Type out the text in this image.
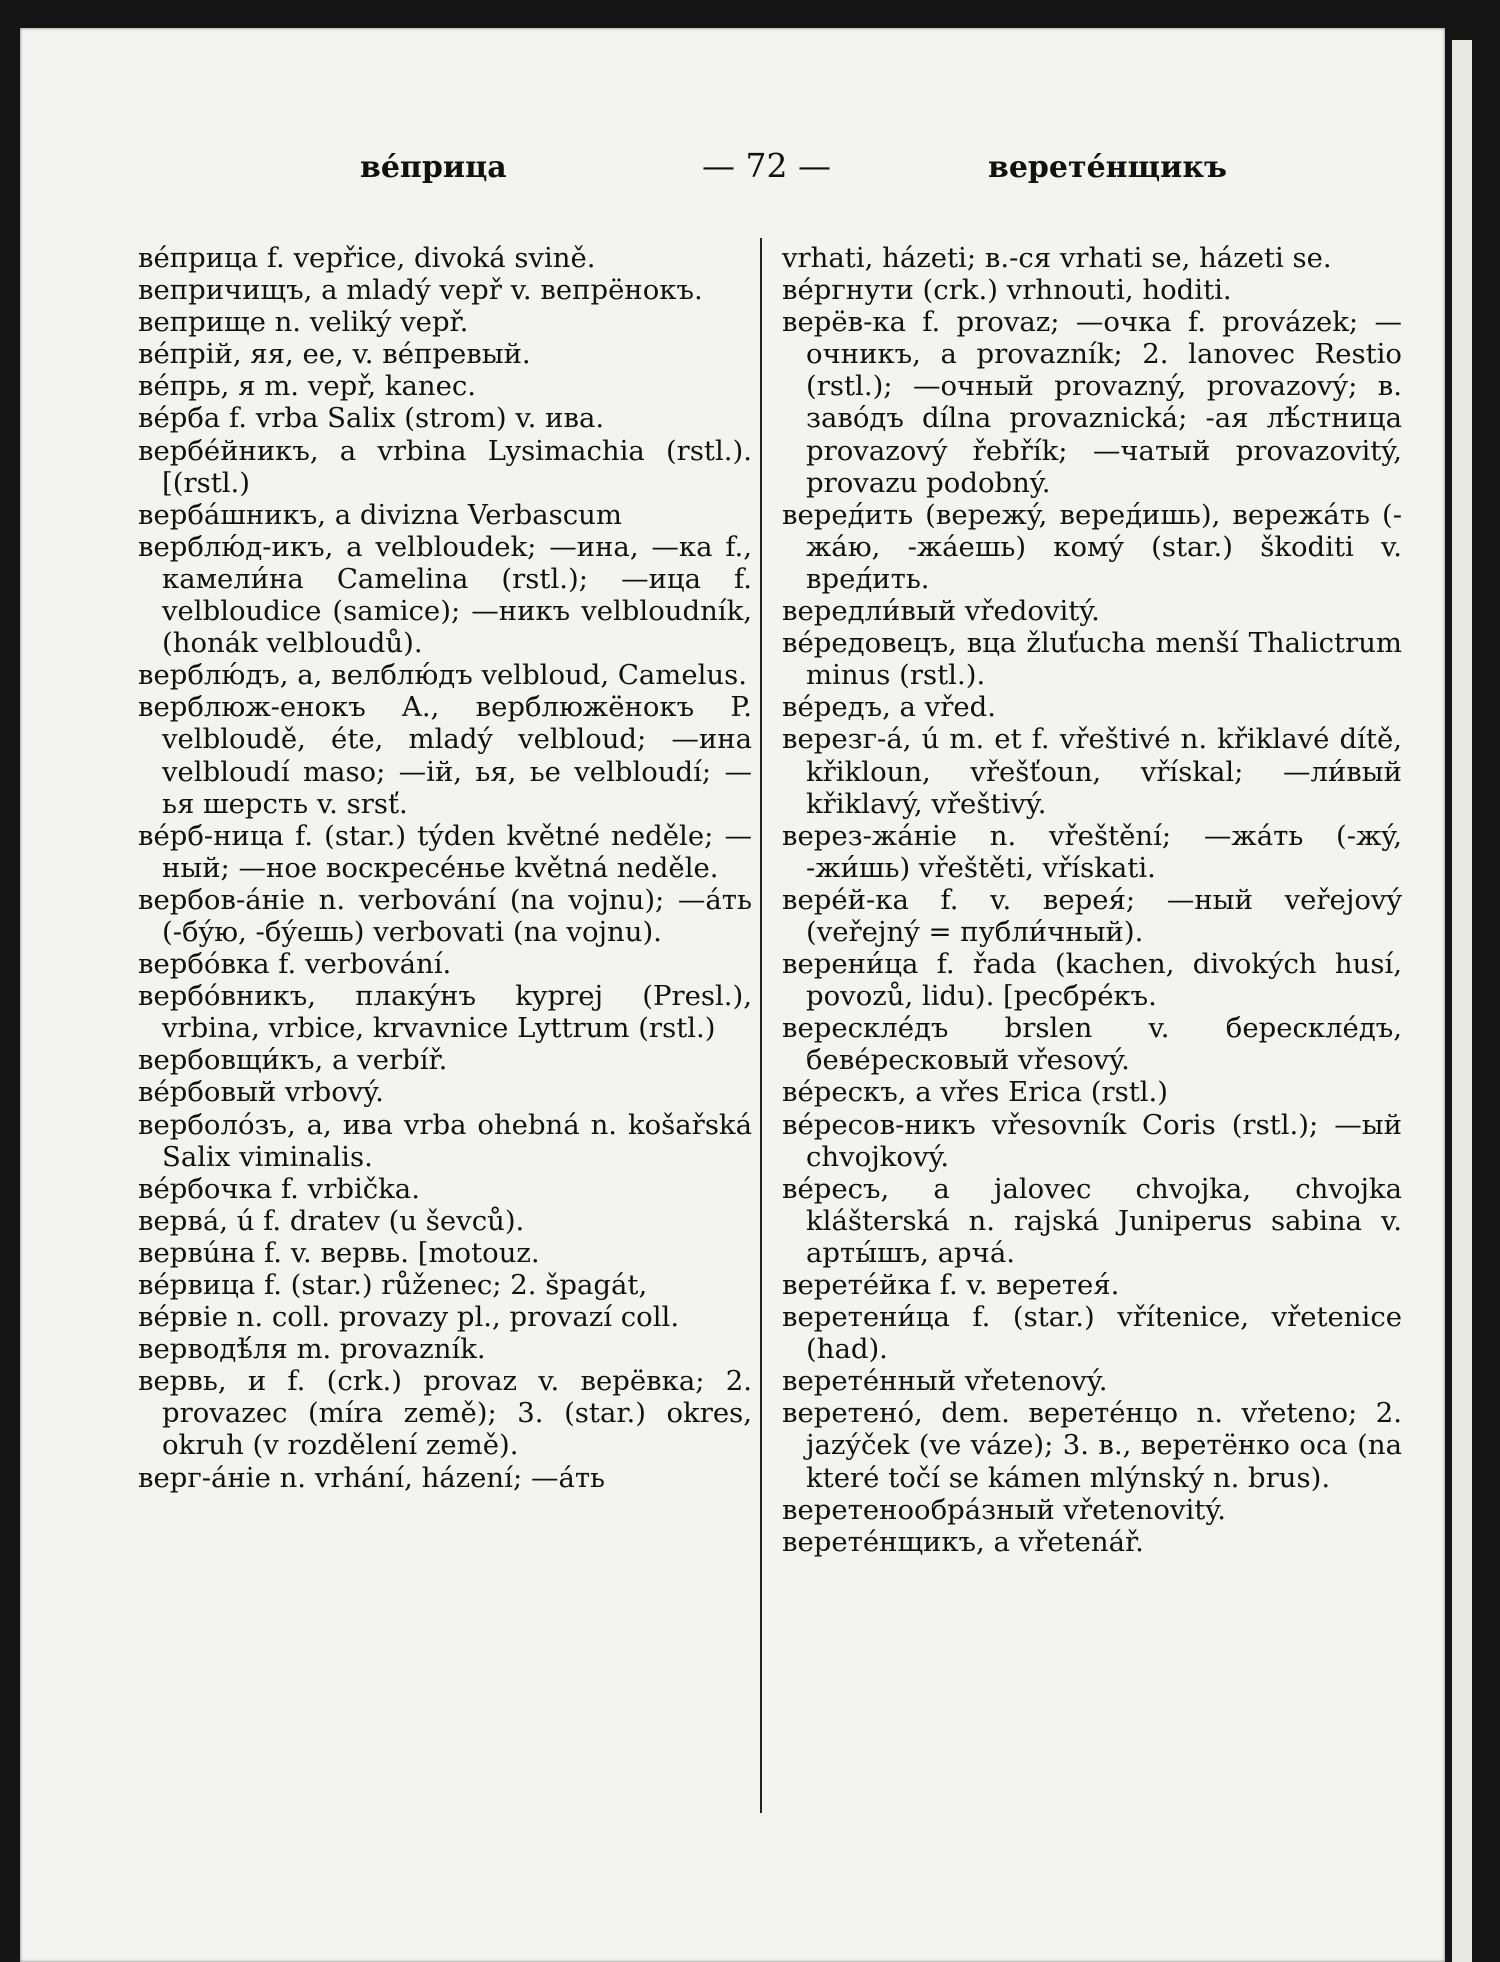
вéприца	— 72 —	веретéнщикъ

вéприца f. vepřice, divoká svině.

вепричищъ, a mladý vepř v. вепрёнокъ.

веприще n. veliký vepř.

вéпрій, яя, ее, v. вéпревый.

вéпрь, я m. vepř, kanec.

вéрба f. vrba Salix (strom) v. ива.

вербéйникъ, a vrbina Lysimachia (rstl.). [(rstl.)

вербáшникъ, a divizna Verbascum

верблю́д-икъ, a velbloudek; —ина, —ка f., камели́на Camelina (rstl.); —ица f. velbloudice (samice); —никъ velbloudník, (honák velbloudů).

верблю́дъ, a, велблю́дъ velbloud, Camelus.

верблюж-енокъ A., верблюжёнокъ P. velbloudě, éte, mladý velbloud; —ина velbloudí maso; —ій, ья, ье velbloudí; —ья шерсть v. srsť.

вéрб-ница f. (star.) týden květné neděle; —ный; —ное воскресéнье květná neděle.

вербов-áніе n. verbování (na vojnu); —áть (-бýю, -бýешь) verbovati (na vojnu).

вербóвка f. verbování.

вербóвникъ, плакýнъ kyprej (Presl.), vrbina, vrbice, krvavnice Lyttrum (rstl.)

вербовщи́къ, a verbíř.

вéрбовый vrbový.

верболóзъ, a, ива vrba ohebná n. košařská Salix viminalis.

вéрбочка f. vrbička.

вервá, ú f. dratev (u ševců).

вервúна f. v. вервь. [motouz.

вéрвица f. (star.) růženec; 2. špagát,

вéрвіе n. coll. provazy pl., provazí coll.

верводѣ́ля m. provazník.

вервь, и f. (crk.) provaz v. верёвка; 2. provazec (míra země); 3. (star.) okres, okruh (v rozdělení země).

верг-áніе n. vrhání, házení; —áть

vrhati, házeti; в.-ся vrhati se, házeti se.

вéргнути (crk.) vrhnouti, hoditi.

верёв-ка f. provaz; —очка f. provázek; —очникъ, a provazník; 2. lanovec Restio (rstl.); —очный provazný, provazový; в. заво́дъ dílna provaznická; -ая лѣ́стница provazový řebřík; —чатый provazovitý, provazu podobný.

веред́ить (вережý, веред́ишь), вережáть (-жáю, -жáешь) комý (star.) škoditi v. вред́ить.

вередли́вый vředovitý.

вéредовецъ, вца žluťucha menší Thalictrum minus (rstl.).

вéредъ, a vřed.

верезг-á, ú m. et f. vřeštivé n. křiklavé dítě, křikloun, vřešťoun, vřískal; —ли́вый křiklavý, vřeštivý.

верез-жáніе n. vřeštění; —жáть (-жý, -жи́шь) vřeštěti, vřískati.

верéй-ка f. v. верея́; —ный veřejový (veřejný = публи́чный).

верени́ца f. řada (kachen, divokých husí, povozů, lidu). [ресбрéкъ.

вересклéдъ brslen v. бересклéдъ, бевéресковый vřesový.

вéрескъ, a vřes Erica (rstl.)

вéресов-никъ vřesovník Coris (rstl.); —ый chvojkový.

вéресъ, a jalovec chvojka, chvojka klášterská n. rajská Juniperus sabina v. арты́шъ, арчá.

веретéйка f. v. веретея́.

веретени́ца f. (star.) vřítenice, vřetenice (had).

веретéнный vřetenový.

веретенó, dem. веретéнцо n. vřeteno; 2. jazýček (ve váze); 3. в., веретёнко оса (na které točí se kámen mlýnský n. brus).

веретенообрáзный vřetenovitý.

веретéнщикъ, a vřetenář.
